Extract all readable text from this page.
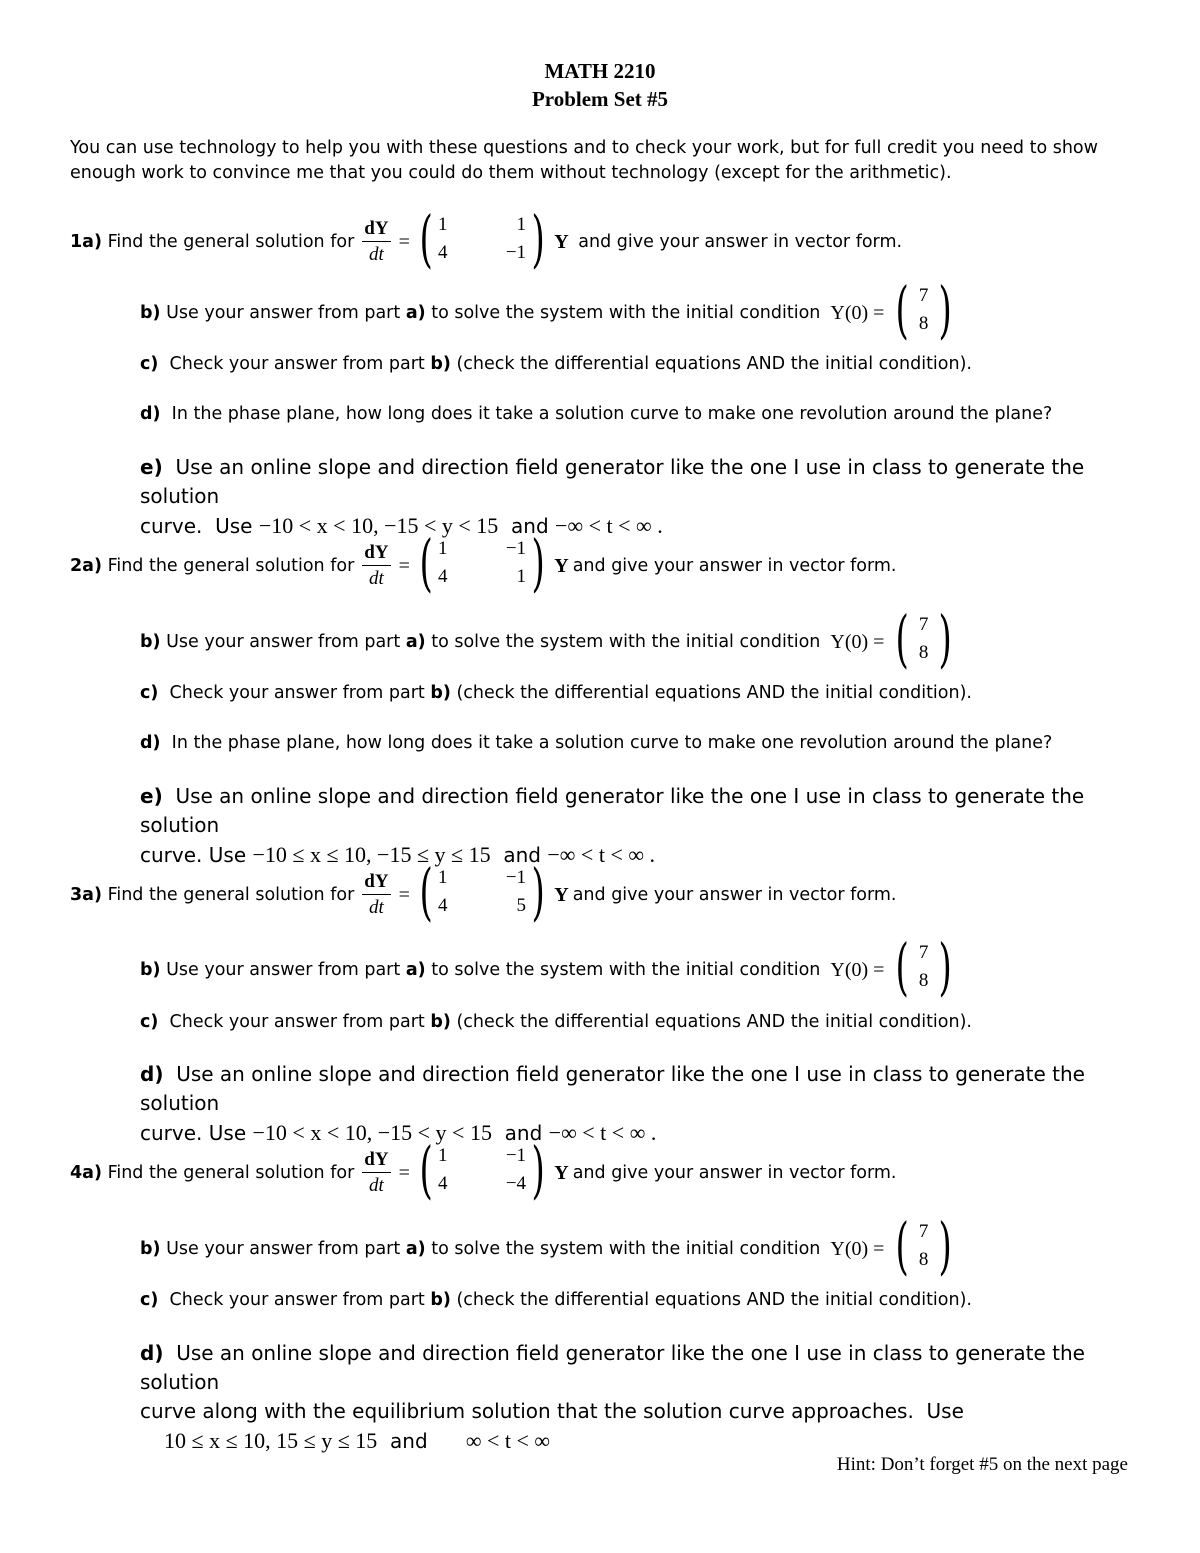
MATH 2210
Problem Set #5
You can use technology to help you with these questions and to check your work, but for full credit you need to show enough work to convince me that you could do them without technology (except for the arithmetic).
1a)
Find the general solution for $\frac{dY}{dt}$ = ( 1	1
4	−1 ) Y
and give your answer in vector form.
b)
Use your answer from part
a)
to solve the system with the initial condition Y(0) = ( 7
8 )
c) Check your answer from part b) (check the differential equations AND the initial condition).
d) In the phase plane, how long does it take a solution curve to make one revolution around the plane?
e) Use an online slope and direction field generator like the one I use in class to generate the solution
curve. Use −10 < x < 10, −15 < y < 15 and −∞ < t < ∞ .
2a)
Find the general solution for $\frac{dY}{dt}$ = ( 1	−1
4	1 ) Y and give your answer in vector form.
b)
Use your answer from part
a)
to solve the system with the initial condition Y(0) = ( 7
8 )
c) Check your answer from part b) (check the differential equations AND the initial condition).
d) In the phase plane, how long does it take a solution curve to make one revolution around the plane?
e) Use an online slope and direction field generator like the one I use in class to generate the solution
curve. Use −10 ≤ x ≤ 10, −15 ≤ y ≤ 15 and −∞ < t < ∞ .
3a)
Find the general solution for $\frac{dY}{dt}$ = ( 1	−1
4	5 ) Y and give your answer in vector form.
b)
Use your answer from part
a)
to solve the system with the initial condition Y(0) = ( 7
8 )
c) Check your answer from part b) (check the differential equations AND the initial condition).
d) Use an online slope and direction field generator like the one I use in class to generate the solution
curve. Use −10 < x < 10, −15 < y < 15 and −∞ < t < ∞ .
4a)
Find the general solution for $\frac{dY}{dt}$ = ( 1	−1
4	−4 ) Y and give your answer in vector form.
b)
Use your answer from part
a)
to solve the system with the initial condition Y(0) = ( 7
8 )
c) Check your answer from part b) (check the differential equations AND the initial condition).
d) Use an online slope and direction field generator like the one I use in class to generate the solution
curve along with the equilibrium solution that the solution curve approaches. Use
10 ≤ x ≤ 10, 15 ≤ y ≤ 15 and ∞ < t < ∞
Hint: Don’t forget #5 on the next page
